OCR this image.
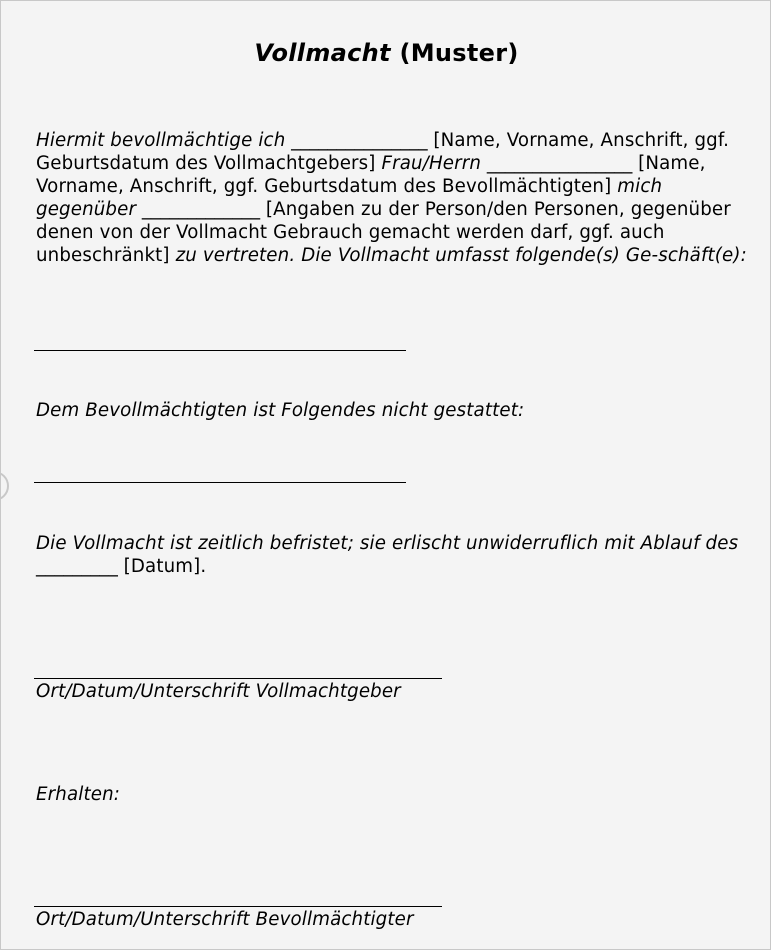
Vollmacht (Muster)
Hiermit bevollmächtige ich _______________ [Name, Vorname, Anschrift, ggf. Geburtsdatum des Vollmachtgebers] Frau/Herrn ________________ [Name, Vorname, Anschrift, ggf. Geburtsdatum des Bevollmächtigten] mich gegenüber _____________ [Angaben zu der Person/den Personen, gegenüber denen von der Vollmacht Gebrauch gemacht werden darf, ggf. auch unbeschränkt] zu vertreten. Die Vollmacht umfasst folgende(s) Ge-schäft(e):
Dem Bevollmächtigten ist Folgendes nicht gestattet:
Die Vollmacht ist zeitlich befristet; sie erlischt unwiderruflich mit Ablauf des _________ [Datum].
Ort/Datum/Unterschrift Vollmachtgeber
Erhalten:
Ort/Datum/Unterschrift Bevollmächtigter
